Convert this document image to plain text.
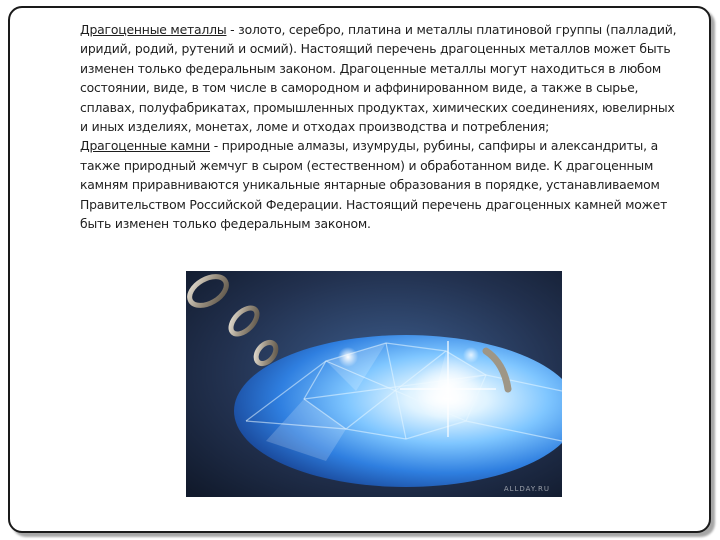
Драгоценные металлы - золото, серебро, платина и металлы платиновой группы (палладий, иридий, родий, рутений и осмий). Настоящий перечень драгоценных металлов может быть изменен только федеральным законом. Драгоценные металлы могут находиться в любом состоянии, виде, в том числе в самородном и аффинированном виде, а также в сырье, сплавах, полуфабрикатах, промышленных продуктах, химических соединениях, ювелирных и иных изделиях, монетах, ломе и отходах производства и потребления;

Драгоценные камни - природные алмазы, изумруды, рубины, сапфиры и александриты, а также природный жемчуг в сыром (естественном) и обработанном виде. К драгоценным камням приравниваются уникальные янтарные образования в порядке, устанавливаемом Правительством Российской Федерации. Настоящий перечень драгоценных камней может быть изменен только федеральным законом.

ALLDAY.RU
